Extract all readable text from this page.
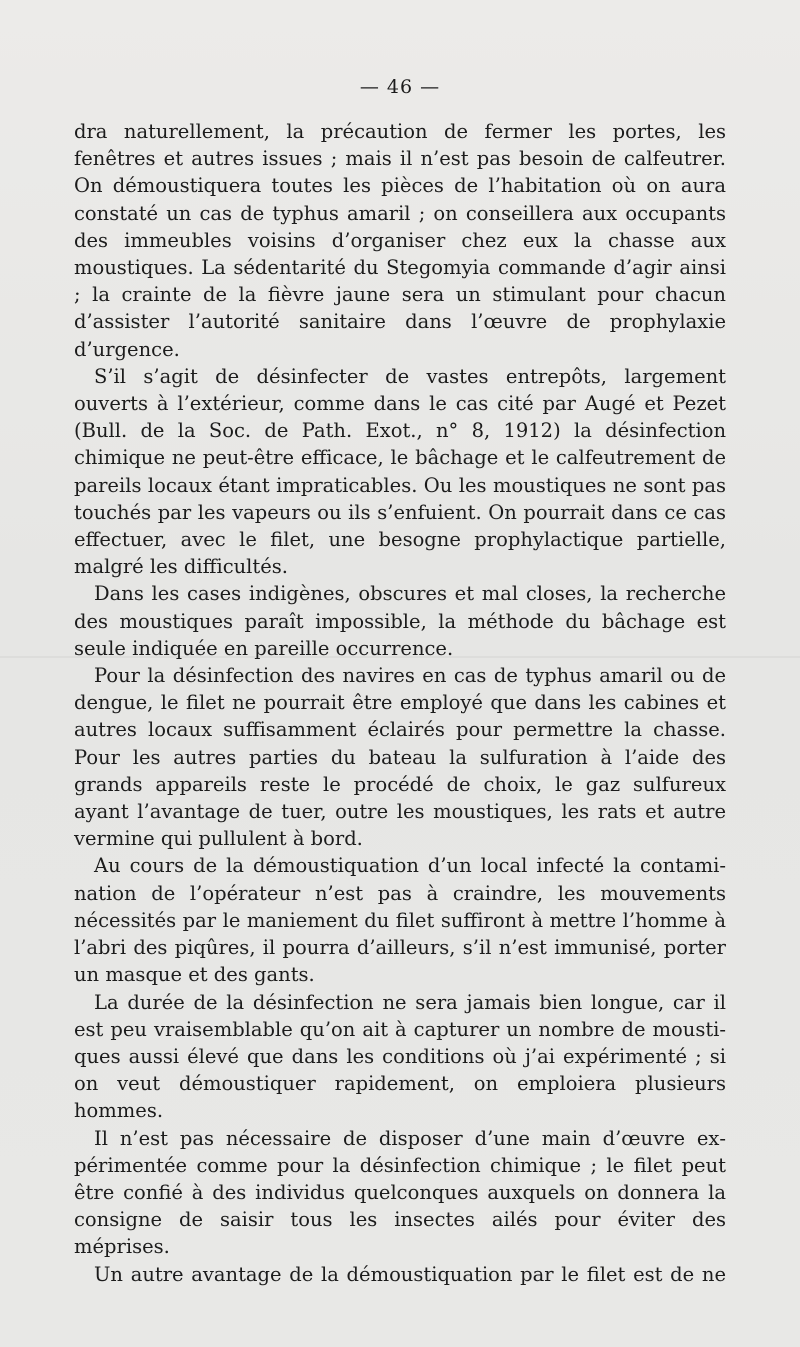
— 46 —

dra naturellement, la précaution de fermer les portes, les fenêtres et autres issues ; mais il n’est pas besoin de calfeutrer. On démoustiquera toutes les pièces de l’habitation où on aura constaté un cas de typhus amaril ; on conseillera aux occupants des immeubles voisins d’organiser chez eux la chasse aux moustiques. La sédentarité du Stegomyia commande d’agir ainsi ; la crainte de la fièvre jaune sera un stimulant pour chacun d’assister l’autorité sanitaire dans l’œuvre de prophylaxie d’urgence.

S’il s’agit de désinfecter de vastes entrepôts, largement ouverts à l’extérieur, comme dans le cas cité par Augé et Pezet (Bull. de la Soc. de Path. Exot., n° 8, 1912) la désinfection chimique ne peut-être efficace, le bâchage et le calfeutrement de pareils locaux étant impraticables. Ou les moustiques ne sont pas touchés par les vapeurs ou ils s’enfuient. On pourrait dans ce cas effectuer, avec le filet, une besogne prophylactique partielle, malgré les difficultés.

Dans les cases indigènes, obscures et mal closes, la recherche des moustiques paraît impossible, la méthode du bâchage est seule indiquée en pareille occurrence.

Pour la désinfection des navires en cas de typhus amaril ou de dengue, le filet ne pourrait être employé que dans les cabines et autres locaux suffisamment éclairés pour permettre la chasse. Pour les autres parties du bateau la sulfuration à l’aide des grands appareils reste le procédé de choix, le gaz sulfureux ayant l’avantage de tuer, outre les moustiques, les rats et autre vermine qui pullulent à bord.

Au cours de la démoustiquation d’un local infecté la contamination de l’opérateur n’est pas à craindre, les mouvements nécessités par le maniement du filet suffiront à mettre l’homme à l’abri des piqûres, il pourra d’ailleurs, s’il n’est immunisé, porter un masque et des gants.

La durée de la désinfection ne sera jamais bien longue, car il est peu vraisemblable qu’on ait à capturer un nombre de moustiques aussi élevé que dans les conditions où j’ai expérimenté ; si on veut démoustiquer rapidement, on emploiera plusieurs hommes.

Il n’est pas nécessaire de disposer d’une main d’œuvre expérimentée comme pour la désinfection chimique ; le filet peut être confié à des individus quelconques auxquels on donnera la consigne de saisir tous les insectes ailés pour éviter des méprises.

Un autre avantage de la démoustiquation par le filet est de ne
